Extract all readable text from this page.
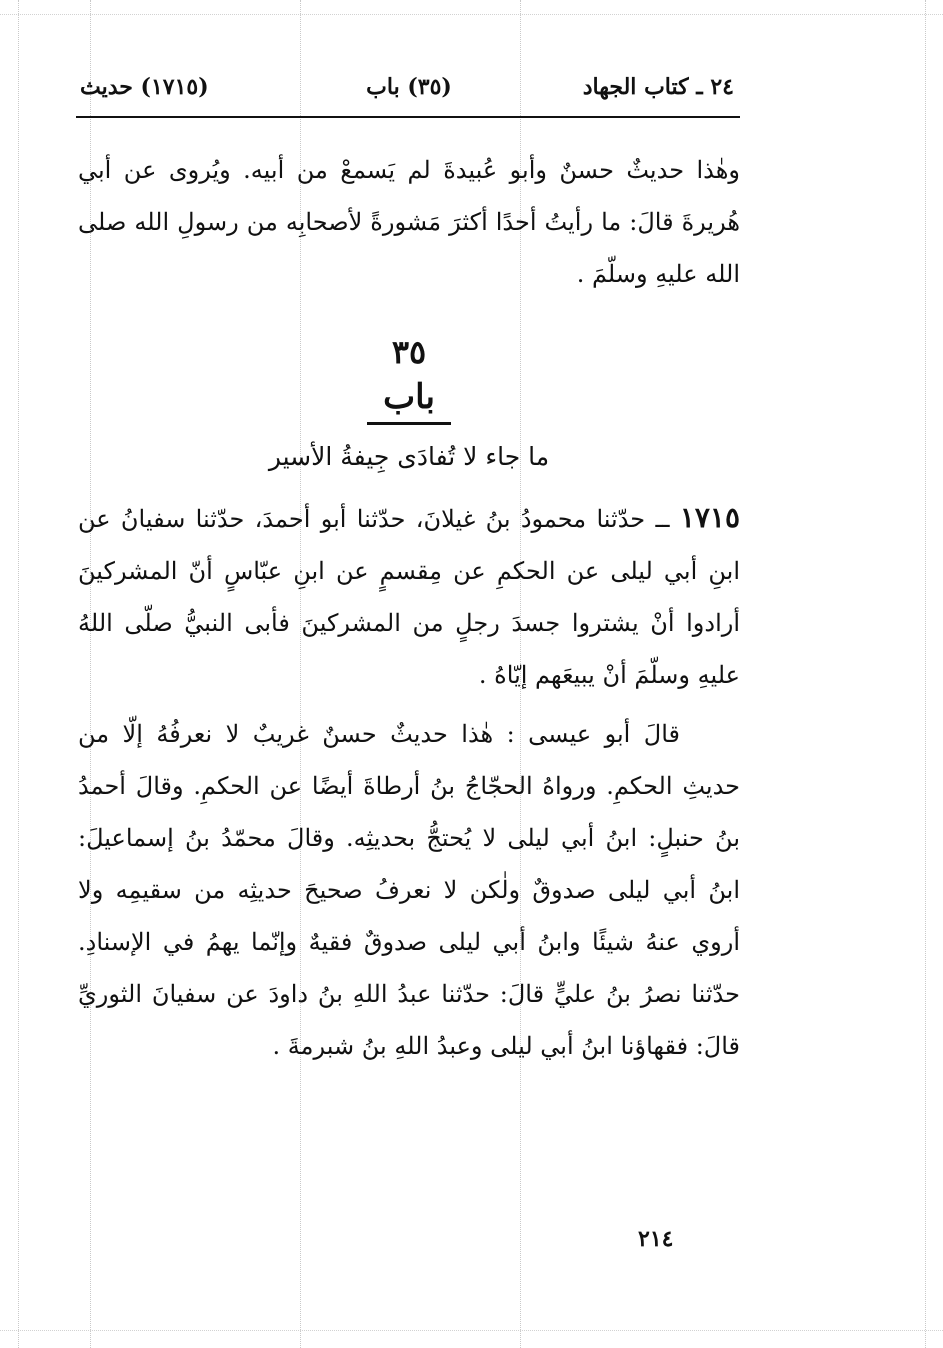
٢٤ ـ كتاب الجهاد
(٣٥) باب
(١٧١٥) حديث

وهٰذا حديثٌ حسنٌ وأبو عُبيدةَ لم يَسمعْ من أبيه. ويُروى عن أبي هُريرةَ قالَ: ما رأيتُ أحدًا أكثرَ مَشورةً لأصحابِه من رسولِ الله صلى الله عليهِ وسلّمَ .

٣٥
باب
ما جاء لا تُفادَى جِيفةُ الأسير

١٧١٥ ــ حدّثنا محمودُ بنُ غيلانَ، حدّثنا أبو أحمدَ، حدّثنا سفيانُ عن ابنِ أبي ليلى عن الحكمِ عن مِقسمٍ عن ابنِ عبّاسٍ أنّ المشركينَ أرادوا أنْ يشتروا جسدَ رجلٍ من المشركينَ فأبى النبيُّ صلّى اللهُ عليهِ وسلّمَ أنْ يبيعَهم إيّاهُ .

قالَ أبو عيسى : هٰذا حديثٌ حسنٌ غريبٌ لا نعرفُهُ إلّا من حديثِ الحكمِ. ورواهُ الحجّاجُ بنُ أرطاةَ أيضًا عن الحكمِ. وقالَ أحمدُ بنُ حنبلٍ: ابنُ أبي ليلى لا يُحتجُّ بحديثِه. وقالَ محمّدُ بنُ إسماعيلَ: ابنُ أبي ليلى صدوقٌ ولٰكن لا نعرفُ صحيحَ حديثِه من سقيمِه ولا أروي عنهُ شيئًا وابنُ أبي ليلى صدوقٌ فقيهٌ وإنّما يهمُ في الإسنادِ. حدّثنا نصرُ بنُ عليٍّ قالَ: حدّثنا عبدُ اللهِ بنُ داودَ عن سفيانَ الثوريِّ قالَ: فقهاؤنا ابنُ أبي ليلى وعبدُ اللهِ بنُ شبرمةَ .

٢١٤
